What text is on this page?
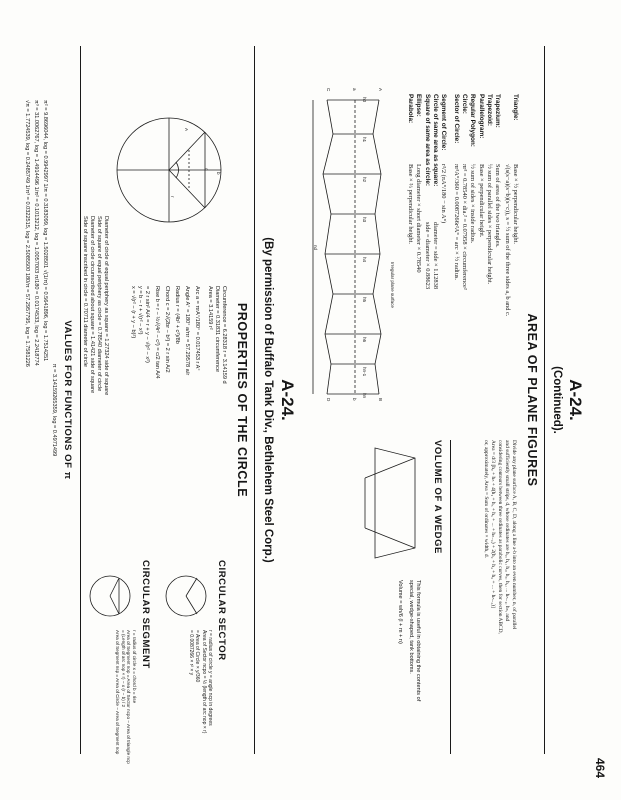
464
A-24.
(By permission of Buffalo Tank Div., Bethlehem Steel Corp.)
PROPERTIES OF THE CIRCLE
A
c
b
r
Circumference = 6.28318 r = 3.14159 d
Diameter = 0.31831 circumference
Area = 3.14159 r²
Arc a = πrA°/180° = 0.017453 r A°
Angle A° = 180° a/πr = 57.29578 a/r
Radius r = (4b² + c²)/8b
Chord c = 2√(2br − b²) = 2 r sin A/2
Rise b = r − ½√(4r² − c²) = c/2 tan A/4
= 2 r sin² A/4 = r + y − √(r² − x²)
y = b − r + √(r² − x²)
x = √(r² − (r + y − b)²)
Diameter of circle of equal periphery as square = 1.27324 side of square
Side of square of equal periphery as circle = 0.78540 diameter of circle
Diameter of circle circumscribed about square = 1.41421 side of square
Side of square inscribed in circle = 0.70711 diameter of circle
VALUES FOR FUNCTIONS OF π
π = 3.14159265359, log = 0.4971499
π² = 9.8696044, log = 0.9942997 1/π = 0.3183099, log = 1.5028501 √(1/π) = 0.5641896, log = 1.7514251
π³ = 31.0062767, log = 1.4914496 1/π² = 0.1013212, log = 1.0057003 π/180 = 0.0174533, log = 2.2418774
√π = 1.7724539, log = 0.2485749 1/π³ = 0.0322515, log = 2.5085500 180/π = 57.2957795, log = 1.7581226
CIRCULAR SECTOR
r = radius of circle y = angle ncp in degrees
Area of Sector ncpo = ½ (length of arc nop × r)
= Area of Circle × y/360
= 0.0087266 × r² × y
CIRCULAR SEGMENT
r = radius of circle x = chord b = rise
Area of Segment nop = Area of Sector ncpo − Area of triangle ncp
= (Length of arc nop × r) − x (r − b) / 2
Area of Segment nsp = Area of Circle − Area of Segment nop
A-24.
(Continued).
AREA OF PLANE FIGURES
Triangle:
Base × ½ perpendicular height.
√(s(s−a)(s−b)(s−c)), s = ½ sum of the three sides a, b and c.
Trapezium:
Sum of area of the two triangles.
Trapezoid:
½ sum of parallel sides × perpendicular height.
Parallelogram:
Base × perpendicular height.
Regular Polygon:
½ sum of sides × inside radius.
Circle:
πr² = 0.78540 × dia.² = 0.07958 × circumference²
Sector of Circle:
πr²A°/360 = 0.0087266r²A° = arc × ½ radius.
Segment of Circle:
r²/2 (πA°/180 − sin A°)
Circle of same area as square:
diameter = side × 1.12838
Square of same area as circle:
side = diameter × 0.88623
Ellipse:
Long diameter × short diameter × 0.78540
Parabola:
Base × ⅔ perpendicular height.
Irregular plane surface
h0
h1
h2
h3
h4
h5
h6
hn-1
hn
A
B
C
D
a
b
nd
Divide any plane surface A, B, C, D, along a line a-b into an even number, n, of parallel
and sufficiently small strips, d, whose ordinates are h₀, h₁, h₂, h₃, h₄, ... hₙ₋₁, hₙ, and
considering contours between three ordinates as parabolic curves, then for section ABCD,
Area = d/3 [h₀ + hₙ + 4(h₁ + h₃ + h₅ + ... + hₙ₋₁) + 2(h₂ + h₄ + h₆ + ... + hₙ₋₂)]
or, approximately, Area = Sum of ordinates × width, d.
VOLUME OF A WEDGE
This formula is useful in obtaining the contents of
special, wedge-shaped, tank bottoms.
Volume = wh/6 (l + m + n)
